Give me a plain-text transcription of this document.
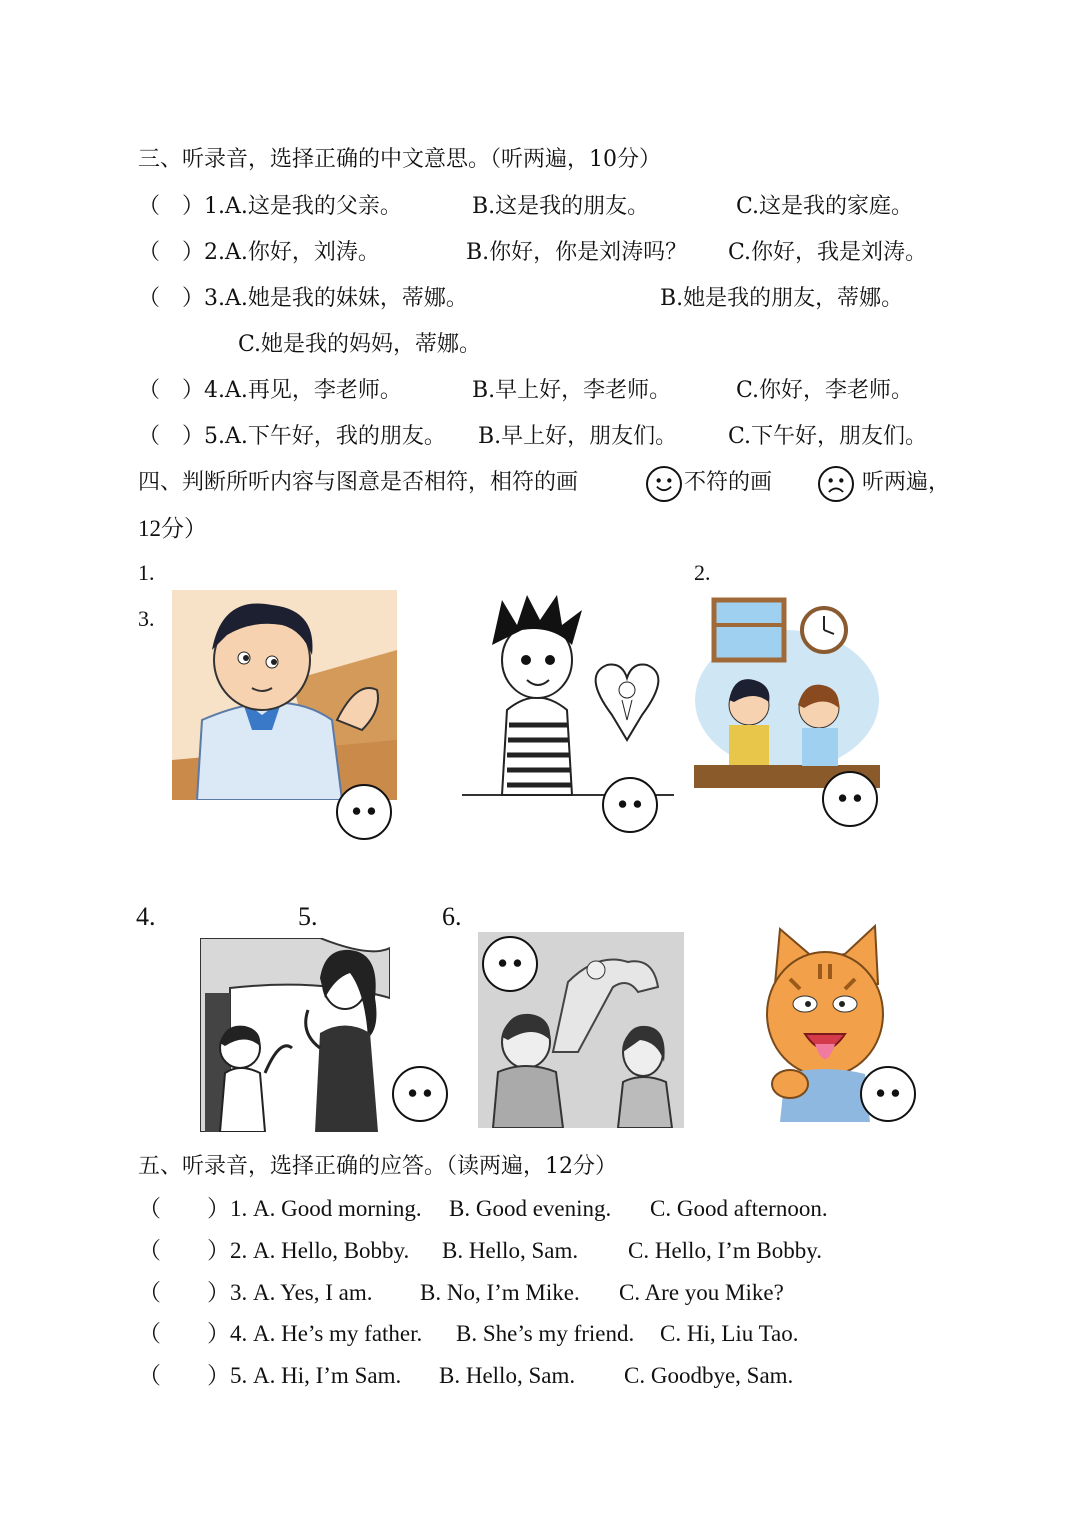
三、听录音，选择正确的中文意思。（听两遍，10分）
（　）1.A.这是我的父亲。	B.这是我的朋友。	C.这是我的家庭。
（　）2.A.你好，刘涛。	B.你好，你是刘涛吗？ C.你好，我是刘涛。
（　）3.A.她是我的妹妹，蒂娜。	B.她是我的朋友，蒂娜。
C.她是我的妈妈，蒂娜。
（　）4.A.再见，李老师。	B.早上好，李老师。	C.你好，李老师。
（　）5.A.下午好，我的朋友。 B.早上好，朋友们。 C.下午好，朋友们。
四、判断所听内容与图意是否相符，相符的画	不符的画	听两遍，
12分）
1.	2.
3.
4.	5.	6.
五、听录音，选择正确的应答。（读两遍，12分）
（　　）1. A. Good morning. B. Good evening. C. Good afternoon.
（　　）2. A. Hello, Bobby. B. Hello, Sam. C. Hello, I’m Bobby.
（　　）3. A. Yes, I am. B. No, I’m Mike. C. Are you Mike?
（　　）4. A. He’s my father. B. She’s my friend. C. Hi, Liu Tao.
（　　）5. A. Hi, I’m Sam. B. Hello, Sam. C. Goodbye, Sam.
